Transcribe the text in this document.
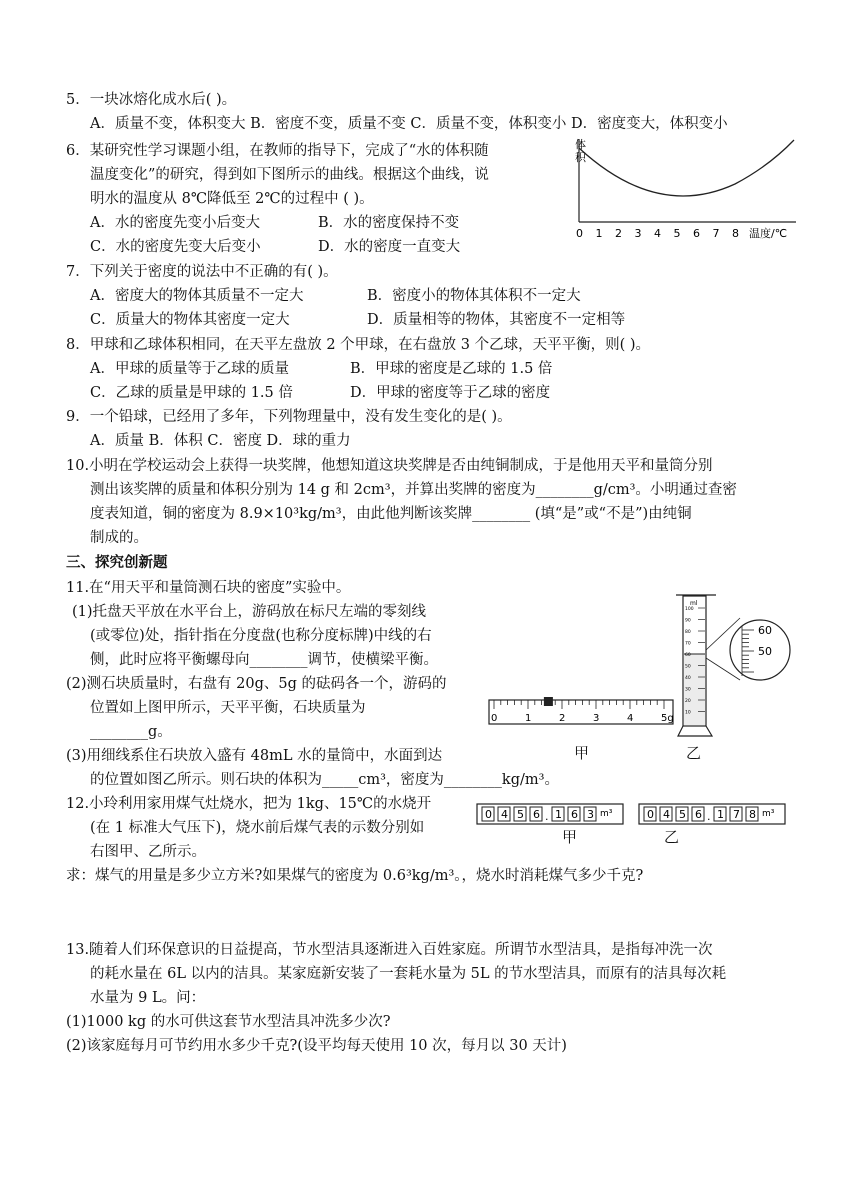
5．一块冰熔化成水后( )。
A．质量不变，体积变大 B．密度不变，质量不变 C．质量不变，体积变小 D．密度变大，体积变小
6．某研究性学习课题小组，在教师的指导下，完成了“水的体积随
温度变化”的研究，得到如下图所示的曲线。根据这个曲线，说
明水的温度从 8℃降低至 2℃的过程中 ( )。
A．水的密度先变小后变大	B．水的密度保持不变
C．水的密度先变大后变小	D．水的密度一直变大
体
积
0 1 2 3 4 5 6 7 8 温度/℃
7．下列关于密度的说法中不正确的有( )。
A．密度大的物体其质量不一定大	B．密度小的物体其体积不一定大
C．质量大的物体其密度一定大	D．质量相等的物体，其密度不一定相等
8．甲球和乙球体积相同，在天平左盘放 2 个甲球，在右盘放 3 个乙球，天平平衡，则( )。
A．甲球的质量等于乙球的质量	B．甲球的密度是乙球的 1.5 倍
C．乙球的质量是甲球的 1.5 倍	D．甲球的密度等于乙球的密度
9．一个铅球，已经用了多年，下列物理量中，没有发生变化的是( )。
A．质量 B．体积 C．密度 D．球的重力
10.小明在学校运动会上获得一块奖牌，他想知道这块奖牌是否由纯铜制成，于是他用天平和量筒分别
测出该奖牌的质量和体积分别为 14 g 和 2cm³，并算出奖牌的密度为________g/cm³。小明通过查密
度表知道，铜的密度为 8.9×10³kg/m³，由此他判断该奖牌________ (填“是”或“不是”)由纯铜
制成的。
三、探究创新题
11.在“用天平和量筒测石块的密度”实验中。
(1)托盘天平放在水平台上，游码放在标尺左端的零刻线
(或零位)处，指针指在分度盘(也称分度标牌)中线的右
侧，此时应将平衡螺母向________调节，使横梁平衡。
(2)测石块质量时，右盘有 20g、5g 的砝码各一个，游码的
位置如上图甲所示，天平平衡，石块质量为
________g。
(3)用细线系住石块放入盛有 48mL 水的量筒中，水面到达
的位置如图乙所示。则石块的体积为_____cm³，密度为________kg/m³。
0	1	2	3	4	5g
甲
ml
100
90
80
70
60
50
40
30
20
10
60
50
乙
12.小玲利用家用煤气灶烧水，把为 1kg、15℃的水烧开
(在 1 标准大气压下)，烧水前后煤气表的示数分别如
右图甲、乙所示。
求：煤气的用量是多少立方米?如果煤气的密度为 0.6³kg/m³。，烧水时消耗煤气多少千克?
0 4 5 6 . 1 6 3 m³	0 4 5 6 . 1 7 8 m³
甲	乙
13.随着人们环保意识的日益提高，节水型洁具逐渐进入百姓家庭。所谓节水型洁具，是指每冲洗一次
的耗水量在 6L 以内的洁具。某家庭新安装了一套耗水量为 5L 的节水型洁具，而原有的洁具每次耗
水量为 9 L。问：
(1)1000 kg 的水可供这套节水型洁具冲洗多少次?
(2)该家庭每月可节约用水多少千克?(设平均每天使用 10 次，每月以 30 天计)
